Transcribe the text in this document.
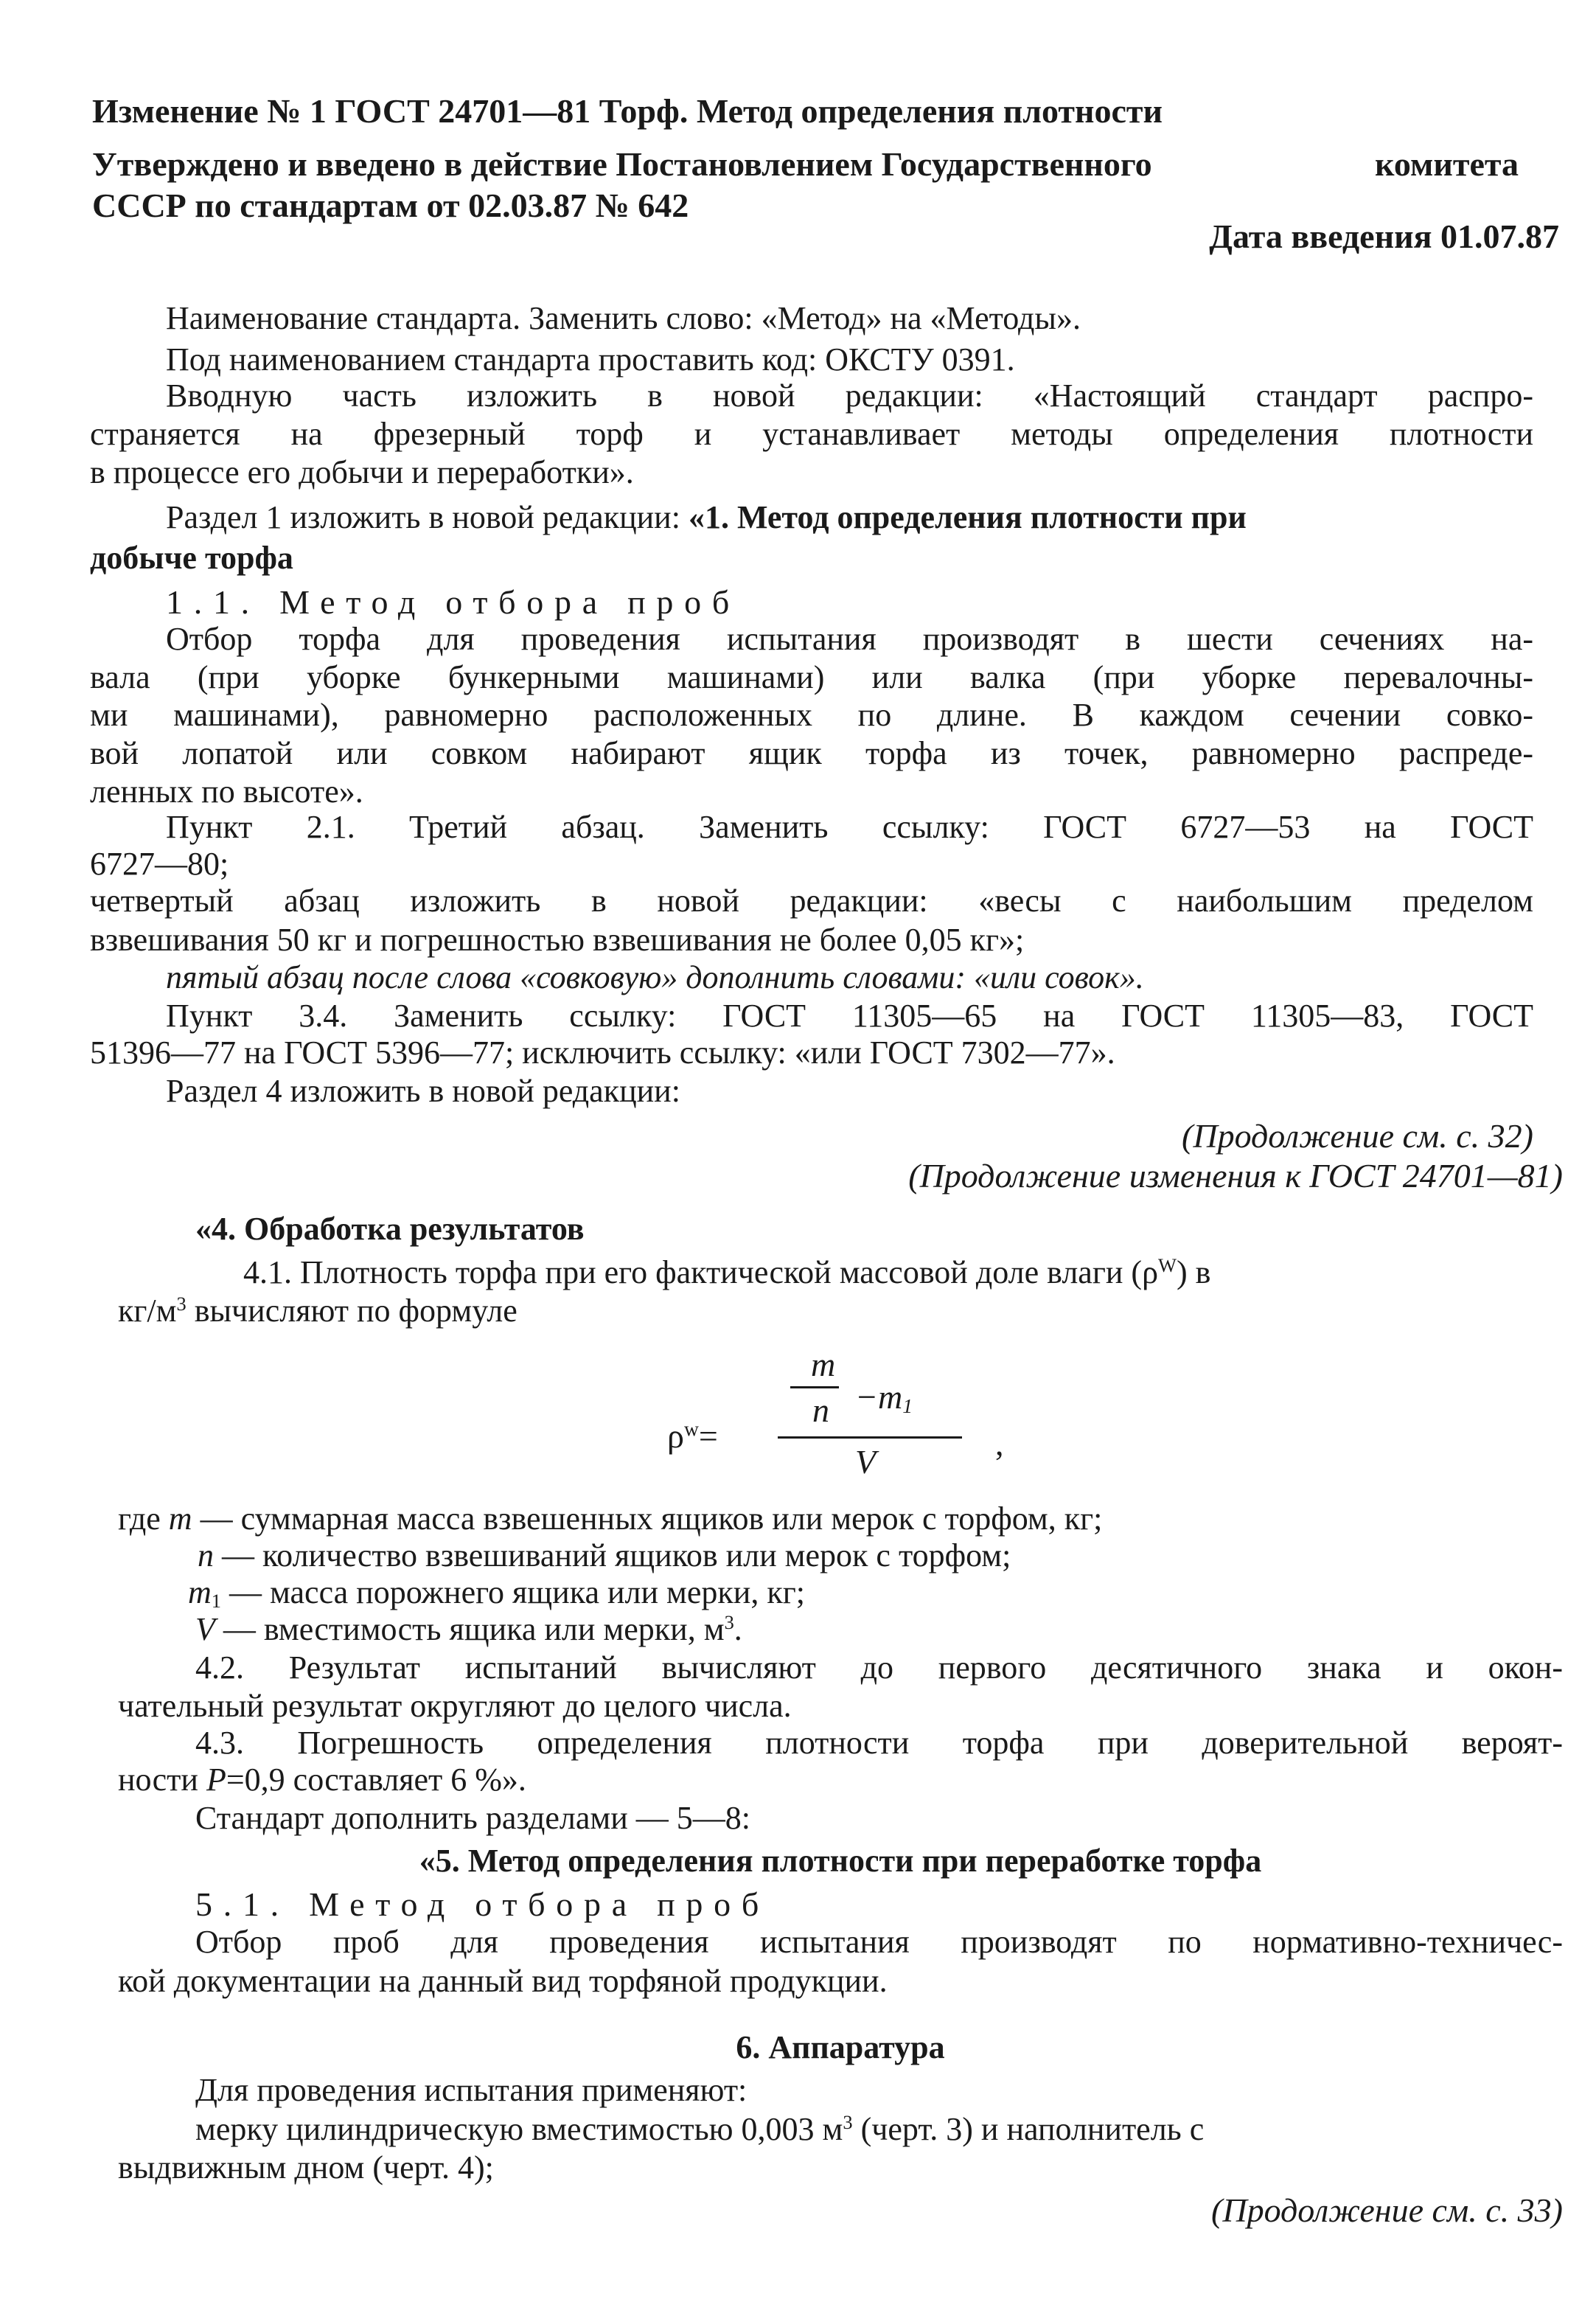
Изменение № 1 ГОСТ 24701—81 Торф. Метод определения плотности
Утверждено и введено в действие Постановлением Государственного	комитета
СССР по стандартам от 02.03.87 № 642
Дата введения 01.07.87
Наименование стандарта. Заменить слово: «Метод» на «Методы».
Под наименованием стандарта проставить код: ОКСТУ 0391.
Вводную часть изложить в новой редакции: «Настоящий стандарт распро-
страняется на фрезерный торф и устанавливает методы определения плотности
в процессе его добычи и переработки».
Раздел 1 изложить в новой редакции: «1. Метод определения плотности при
добыче торфа
1.1. Метод отбора проб
Отбор торфа для проведения испытания производят в шести сечениях на-
вала (при уборке бункерными машинами) или валка (при уборке перевалочны-
ми машинами), равномерно расположенных по длине. В каждом сечении совко-
вой лопатой или совком набирают ящик торфа из точек, равномерно распреде-
ленных по высоте».
Пункт 2.1. Третий абзац. Заменить ссылку: ГОСТ 6727—53 на ГОСТ
6727—80;
четвертый абзац изложить в новой редакции: «весы с наибольшим пределом
взвешивания 50 кг и погрешностью взвешивания не более 0,05 кг»;
пятый абзац после слова «совковую» дополнить словами: «или совок».
Пункт 3.4. Заменить ссылку: ГОСТ 11305—65 на ГОСТ 11305—83, ГОСТ
51396—77 на ГОСТ 5396—77; исключить ссылку: «или ГОСТ 7302—77».
Раздел 4 изложить в новой редакции:
(Продолжение см. с. 32)
(Продолжение изменения к ГОСТ 24701—81)
«4. Обработка результатов
4.1. Плотность торфа при его фактической массовой доле влаги $(\rho^W)$ в
$кг/м^3$ вычисляют по формуле
m
$n -m_1$
$\rho^w=$
V	,
где m — суммарная масса взвешенных ящиков или мерок с торфом, кг;
n — количество взвешиваний ящиков или мерок с торфом;
$m_1$ — масса порожнего ящика или мерки, кг;
V — вместимость ящика или мерки, $м^3$.
4.2. Результат испытаний вычисляют до первого десятичного знака и окон-
чательный результат округляют до целого числа.
4.3. Погрешность определения плотности торфа при доверительной вероят-
ности P=0,9 составляет 6 %».
Стандарт дополнить разделами — 5—8:
«5. Метод определения плотности при переработке торфа
5.1. Метод отбора проб
Отбор проб для проведения испытания производят по нормативно-техничес-
кой документации на данный вид торфяной продукции.
6. Аппаратура
Для проведения испытания применяют:
мерку цилиндрическую вместимостью 0,003 $м^3$ (черт. 3) и наполнитель с
выдвижным дном (черт. 4);
(Продолжение см. с. 33)
